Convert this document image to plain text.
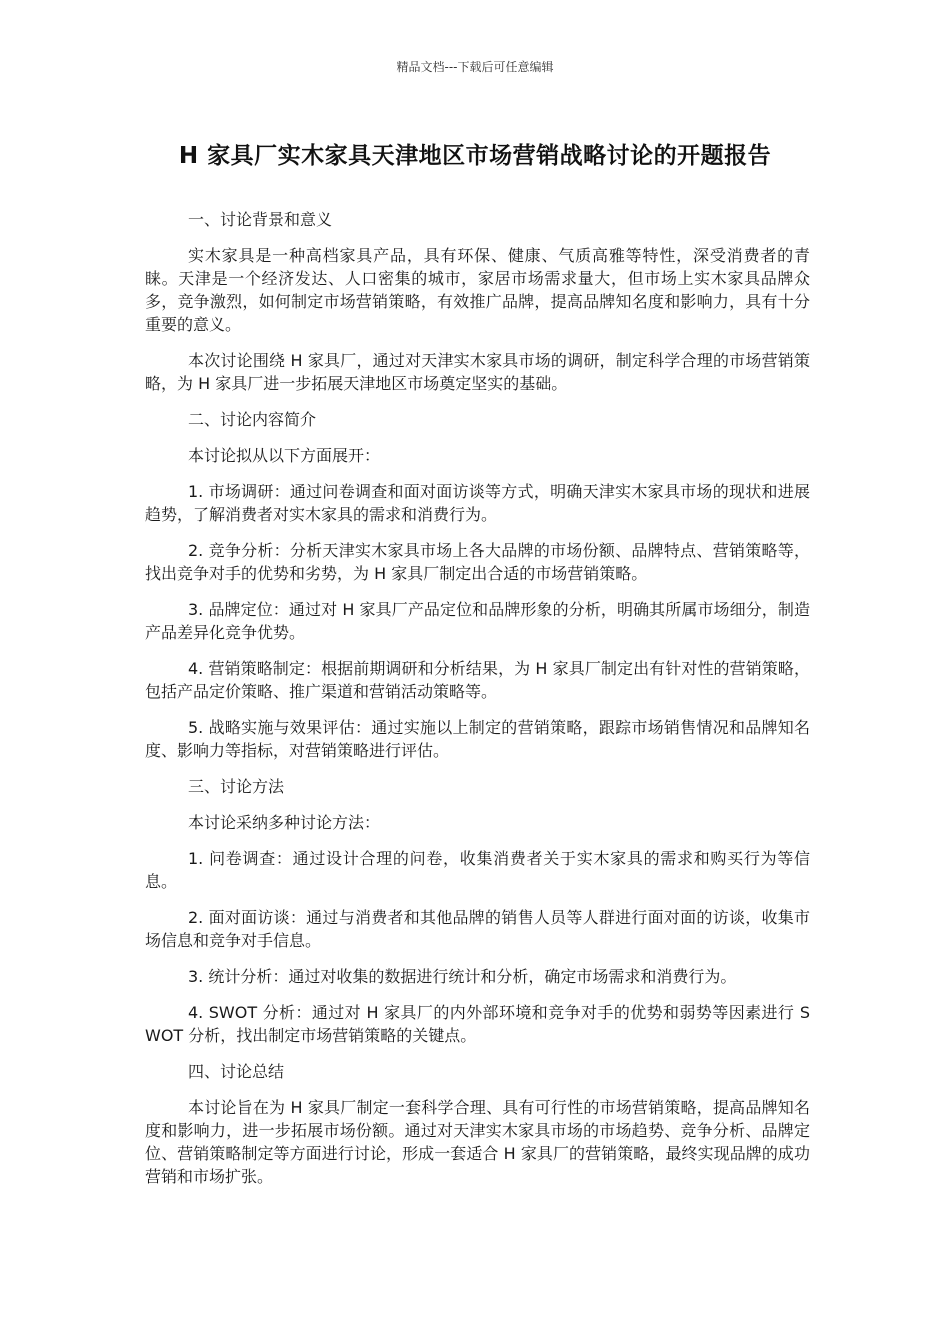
精品文档---下载后可任意编辑
H 家具厂实木家具天津地区市场营销战略讨论的开题报告

一、讨论背景和意义

实木家具是一种高档家具产品，具有环保、健康、气质高雅等特性，深受消费者的青睐。天津是一个经济发达、人口密集的城市，家居市场需求量大，但市场上实木家具品牌众多，竞争激烈，如何制定市场营销策略，有效推广品牌，提高品牌知名度和影响力，具有十分重要的意义。

本次讨论围绕 H 家具厂，通过对天津实木家具市场的调研，制定科学合理的市场营销策略，为 H 家具厂进一步拓展天津地区市场奠定坚实的基础。

二、讨论内容简介

本讨论拟从以下方面展开：

1. 市场调研：通过问卷调查和面对面访谈等方式，明确天津实木家具市场的现状和进展趋势，了解消费者对实木家具的需求和消费行为。

2. 竞争分析：分析天津实木家具市场上各大品牌的市场份额、品牌特点、营销策略等，找出竞争对手的优势和劣势，为 H 家具厂制定出合适的市场营销策略。

3. 品牌定位：通过对 H 家具厂产品定位和品牌形象的分析，明确其所属市场细分，制造产品差异化竞争优势。

4. 营销策略制定：根据前期调研和分析结果，为 H 家具厂制定出有针对性的营销策略，包括产品定价策略、推广渠道和营销活动策略等。

5. 战略实施与效果评估：通过实施以上制定的营销策略，跟踪市场销售情况和品牌知名度、影响力等指标，对营销策略进行评估。

三、讨论方法

本讨论采纳多种讨论方法：

1. 问卷调查：通过设计合理的问卷，收集消费者关于实木家具的需求和购买行为等信息。

2. 面对面访谈：通过与消费者和其他品牌的销售人员等人群进行面对面的访谈，收集市场信息和竞争对手信息。

3. 统计分析：通过对收集的数据进行统计和分析，确定市场需求和消费行为。

4. SWOT 分析：通过对 H 家具厂的内外部环境和竞争对手的优势和弱势等因素进行 SWOT 分析，找出制定市场营销策略的关键点。

四、讨论总结

本讨论旨在为 H 家具厂制定一套科学合理、具有可行性的市场营销策略，提高品牌知名度和影响力，进一步拓展市场份额。通过对天津实木家具市场的市场趋势、竞争分析、品牌定位、营销策略制定等方面进行讨论，形成一套适合 H 家具厂的营销策略，最终实现品牌的成功营销和市场扩张。
